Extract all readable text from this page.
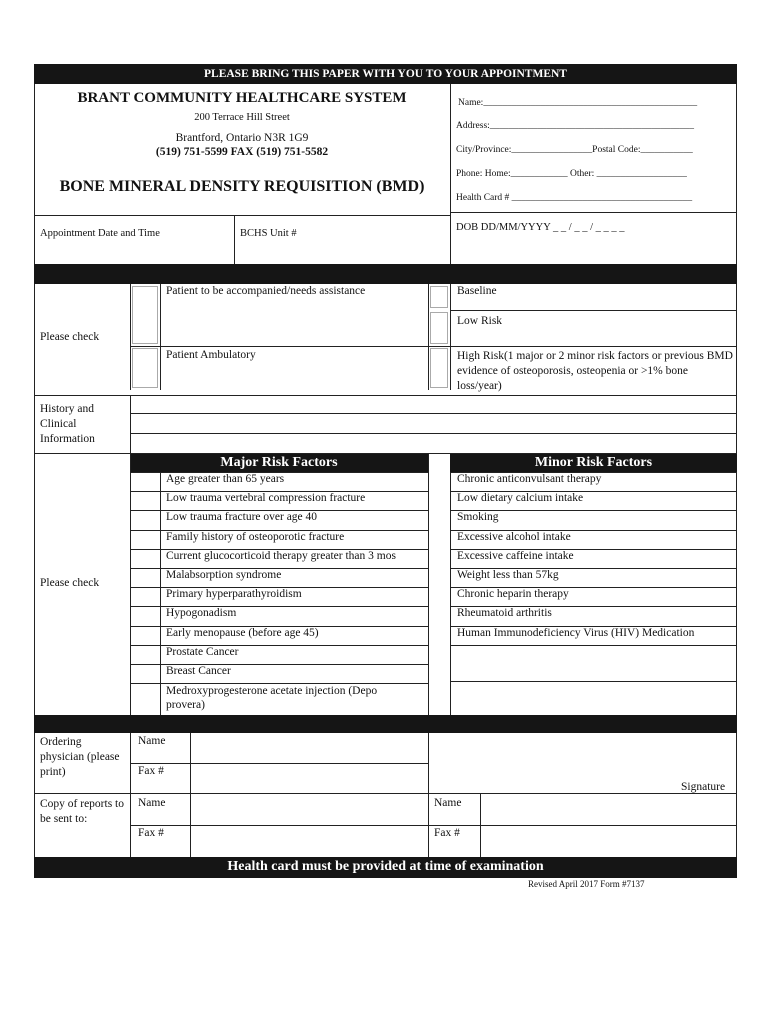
PLEASE BRING THIS PAPER WITH YOU TO YOUR APPOINTMENT
BRANT COMMUNITY HEALTHCARE SYSTEM
200 Terrace Hill Street
Brantford, Ontario N3R 1G9
(519) 751-5599 FAX (519) 751-5582
BONE MINERAL DENSITY REQUISITION (BMD)
Name:_____________________________________________
Address:___________________________________________
City/Province:_________________Postal Code:___________
Phone: Home:____________ Other: ___________________
Health Card # ______________________________________
DOB DD/MM/YYYY _ _ / _ _ / _ _ _ _
Appointment Date and Time	BCHS Unit #
Please check
Patient to be accompanied/needs assistance
Patient Ambulatory
Baseline
Low Risk
High Risk(1 major or 2 minor risk factors or previous BMD evidence of osteoporosis, osteopenia or >1% bone loss/year)
History and Clinical Information
Please check
Major Risk Factors	Minor Risk Factors
Ordering physician (please print)
Name
Fax #
Signature
Copy of reports to be sent to:
Name
Fax #
Name
Fax #
Health card must be provided at time of examination
Revised April 2017 Form #7137
Age greater than 65 years
Low trauma vertebral compression fracture
Low trauma fracture over age 40
Family history of osteoporotic fracture
Current glucocorticoid therapy greater than 3 mos
Malabsorption syndrome
Primary hyperparathyroidism
Hypogonadism
Early menopause (before age 45)
Prostate Cancer
Breast Cancer
Medroxyprogesterone acetate injection (Depo provera)
Chronic anticonvulsant therapy
Low dietary calcium intake
Smoking
Excessive alcohol intake
Excessive caffeine intake
Weight less than 57kg
Chronic heparin therapy
Rheumatoid arthritis
Human Immunodeficiency Virus (HIV) Medication
